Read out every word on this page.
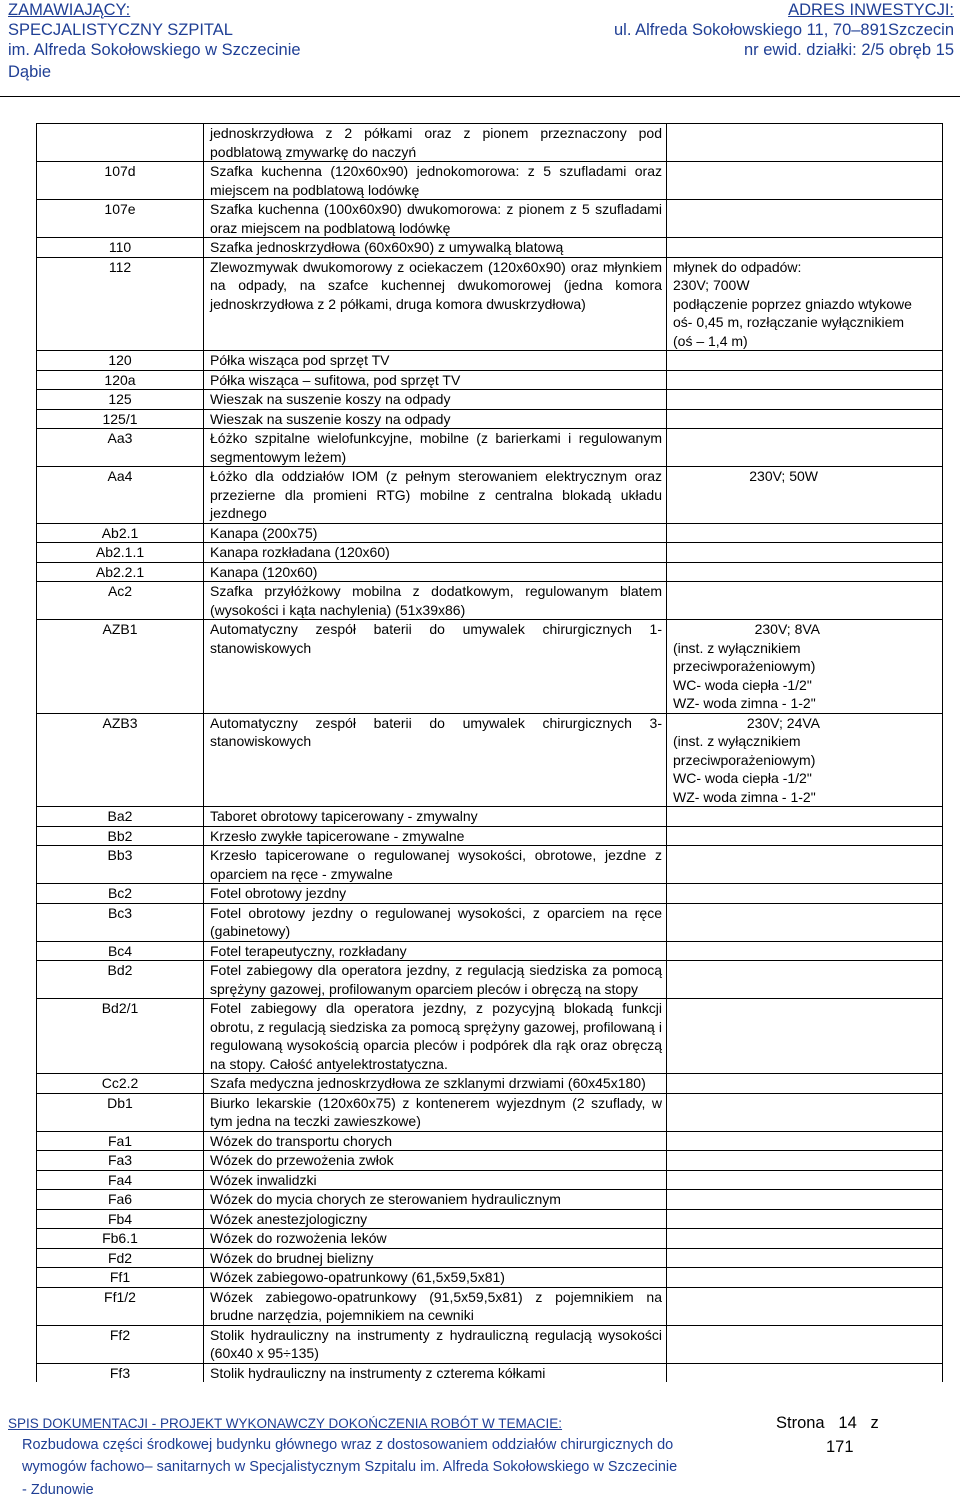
ZAMAWIAJĄCY:
SPECJALISTYCZNY SZPITAL
im. Alfreda Sokołowskiego w Szczecinie
Dąbie
ADRES INWESTYCJI:
ul. Alfreda Sokołowskiego 11, 70–891Szczecin
nr ewid. działki: 2/5 obręb 15

	jednoskrzydłowa z 2 półkami oraz z pionem przeznaczony pod podblatową zmywarkę do naczyń	

107d	Szafka kuchenna (120x60x90) jednokomorowa: z 5 szufladami oraz miejscem na podblatową lodówkę	

107e	Szafka kuchenna (100x60x90) dwukomorowa: z pionem z 5 szufladami oraz miejscem na podblatową lodówkę	

110	Szafka jednoskrzydłowa (60x60x90) z umywalką blatową	

112	Zlewozmywak dwukomorowy z ociekaczem (120x60x90) oraz młynkiem na odpady, na szafce kuchennej dwukomorowej (jedna komora jednoskrzydłowa z 2 półkami, druga komora dwuskrzydłowa)	młynek do odpadów:
230V; 700W
podłączenie poprzez gniazdo wtykowe
oś- 0,45 m, rozłączanie wyłącznikiem
(oś – 1,4 m)

120	Półka wisząca pod sprzęt TV	

120a	Półka wisząca – sufitowa, pod sprzęt TV	

125	Wieszak na suszenie koszy na odpady	

125/1	Wieszak na suszenie koszy na odpady	

Aa3	Łóżko szpitalne wielofunkcyjne, mobilne (z barierkami i regulowanym segmentowym leżem)	

Aa4	Łóżko dla oddziałów IOM (z pełnym sterowaniem elektrycznym oraz przezierne dla promieni RTG) mobilne z centralna blokadą układu jezdnego	230V; 50W

Ab2.1	Kanapa (200x75)	

Ab2.1.1	Kanapa rozkładana (120x60)	

Ab2.2.1	Kanapa (120x60)	

Ac2	Szafka przyłóżkowy mobilna z dodatkowym, regulowanym blatem (wysokości i kąta nachylenia) (51x39x86)	

AZB1	Automatyczny zespół baterii do umywalek chirurgicznych 1-stanowiskowych	230V; 8VA
(inst. z wyłącznikiem
przeciwporażeniowym)
WC- woda ciepła -1/2"
WZ- woda zimna - 1-2"

AZB3	Automatyczny zespół baterii do umywalek chirurgicznych 3-stanowiskowych	230V; 24VA
(inst. z wyłącznikiem
przeciwporażeniowym)
WC- woda ciepła -1/2"
WZ- woda zimna - 1-2"

Ba2	Taboret obrotowy tapicerowany - zmywalny	

Bb2	Krzesło zwykłe tapicerowane - zmywalne	

Bb3	Krzesło tapicerowane o regulowanej wysokości, obrotowe, jezdne z oparciem na ręce - zmywalne	

Bc2	Fotel obrotowy jezdny	

Bc3	Fotel obrotowy jezdny o regulowanej wysokości, z oparciem na ręce (gabinetowy)	

Bc4	Fotel terapeutyczny, rozkładany	

Bd2	Fotel zabiegowy dla operatora jezdny, z regulacją siedziska za pomocą sprężyny gazowej, profilowanym oparciem pleców i obręczą na stopy	

Bd2/1	Fotel zabiegowy dla operatora jezdny, z pozycyjną blokadą funkcji obrotu, z regulacją siedziska za pomocą sprężyny gazowej, profilowaną i regulowaną wysokością oparcia pleców i podpórek dla rąk oraz obręczą na stopy. Całość antyelektrostatyczna.	

Cc2.2	Szafa medyczna jednoskrzydłowa ze szklanymi drzwiami (60x45x180)	

Db1	Biurko lekarskie (120x60x75) z kontenerem wyjezdnym (2 szuflady, w tym jedna na teczki zawieszkowe)	

Fa1	Wózek do transportu chorych	

Fa3	Wózek do przewożenia zwłok	

Fa4	Wózek inwalidzki	

Fa6	Wózek do mycia chorych ze sterowaniem hydraulicznym	

Fb4	Wózek anestezjologiczny	

Fb6.1	Wózek do rozwożenia leków	

Fd2	Wózek do brudnej bielizny	

Ff1	Wózek zabiegowo-opatrunkowy (61,5x59,5x81)	

Ff1/2	Wózek zabiegowo-opatrunkowy (91,5x59,5x81) z pojemnikiem na brudne narzędzia, pojemnikiem na cewniki	

Ff2	Stolik hydrauliczny na instrumenty z hydrauliczną regulacją wysokości (60x40 x 95÷135)	

Ff3	Stolik hydrauliczny na instrumenty z czterema kółkami	

SPIS DOKUMENTACJI - PROJEKT WYKONAWCZY DOKOŃCZENIA ROBÓT W TEMACIE:
Rozbudowa części środkowej budynku głównego wraz z dostosowaniem oddziałów chirurgicznych do
wymogów fachowo– sanitarnych w Specjalistycznym Szpitalu im. Alfreda Sokołowskiego w Szczecinie
- Zdunowie
Strona 14 z
171
